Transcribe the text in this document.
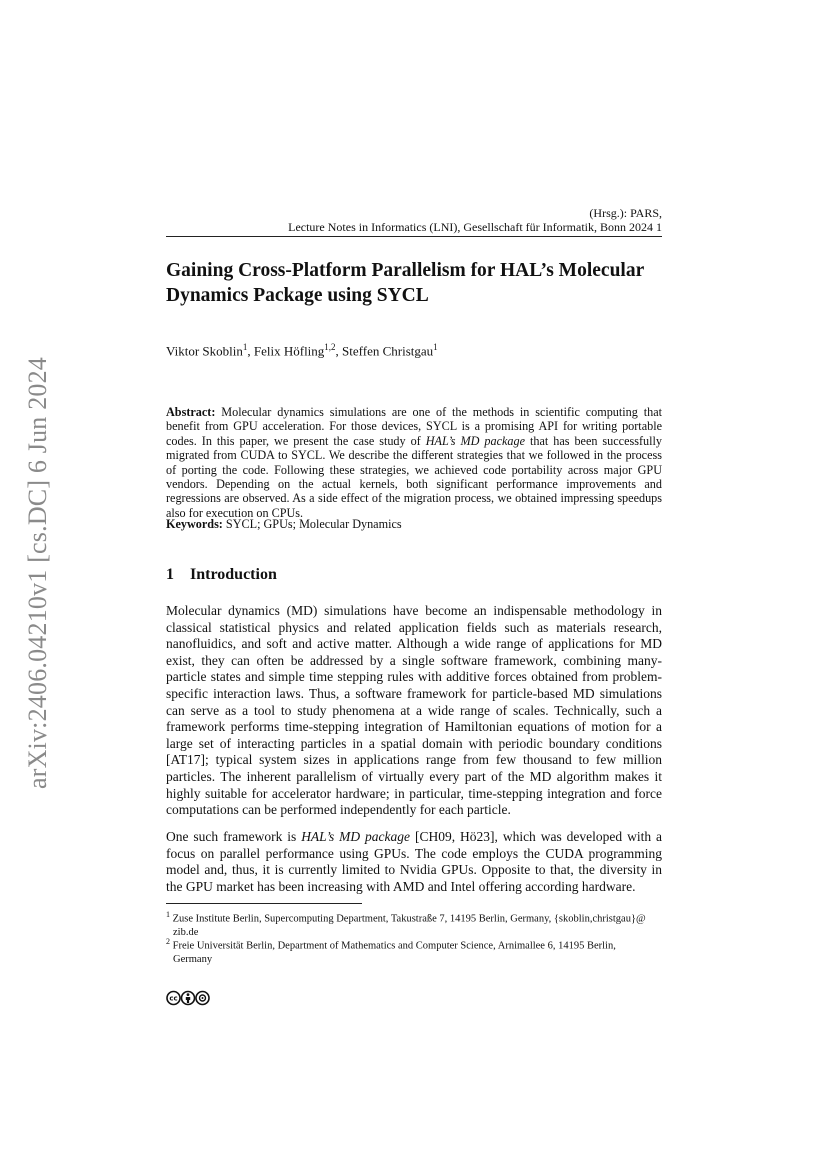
arXiv:2406.04210v1 [cs.DC] 6 Jun 2024
(Hrsg.): PARS,
Lecture Notes in Informatics (LNI), Gesellschaft für Informatik, Bonn 2024 1
Gaining Cross-Platform Parallelism for HAL’s Molecular
Dynamics Package using SYCL
Viktor Skoblin$^1$, Felix Höfling$^{1,2}$, Steffen Christgau$^1$
Abstract: Molecular dynamics simulations are one of the methods in scientific computing that benefit from GPU acceleration. For those devices, SYCL is a promising API for writing portable codes. In this paper, we present the case study of HAL’s MD package that has been successfully migrated from CUDA to SYCL. We describe the different strategies that we followed in the process of porting the code. Following these strategies, we achieved code portability across major GPU vendors. Depending on the actual kernels, both significant performance improvements and regressions are observed. As a side effect of the migration process, we obtained impressing speedups also for execution on CPUs.
Keywords: SYCL; GPUs; Molecular Dynamics
1 Introduction

Molecular dynamics (MD) simulations have become an indispensable methodology in classical statistical physics and related application fields such as materials research, nanofluidics, and soft and active matter. Although a wide range of applications for MD exist, they can often be addressed by a single software framework, combining many-particle states and simple time stepping rules with additive forces obtained from problem-specific interaction laws. Thus, a software framework for particle-based MD simulations can serve as a tool to study phenomena at a wide range of scales. Technically, such a framework performs time-stepping integration of Hamiltonian equations of motion for a large set of interacting particles in a spatial domain with periodic boundary conditions [AT17]; typical system sizes in applications range from few thousand to few million particles. The inherent parallelism of virtually every part of the MD algorithm makes it highly suitable for accelerator hardware; in particular, time-stepping integration and force computations can be performed independently for each particle.

One such framework is HAL’s MD package [CH09, Hö23], which was developed with a focus on parallel performance using GPUs. The code employs the CUDA programming model and, thus, it is currently limited to Nvidia GPUs. Opposite to that, the diversity in the GPU market has been increasing with AMD and Intel offering according hardware.

$^1$ Zuse Institute Berlin, Supercomputing Department, Takustraße 7, 14195 Berlin, Germany, {skoblin,christgau}@
zib.de
$^2$ Freie Universität Berlin, Department of Mathematics and Computer Science, Arnimallee 6, 14195 Berlin,
Germany
cc
